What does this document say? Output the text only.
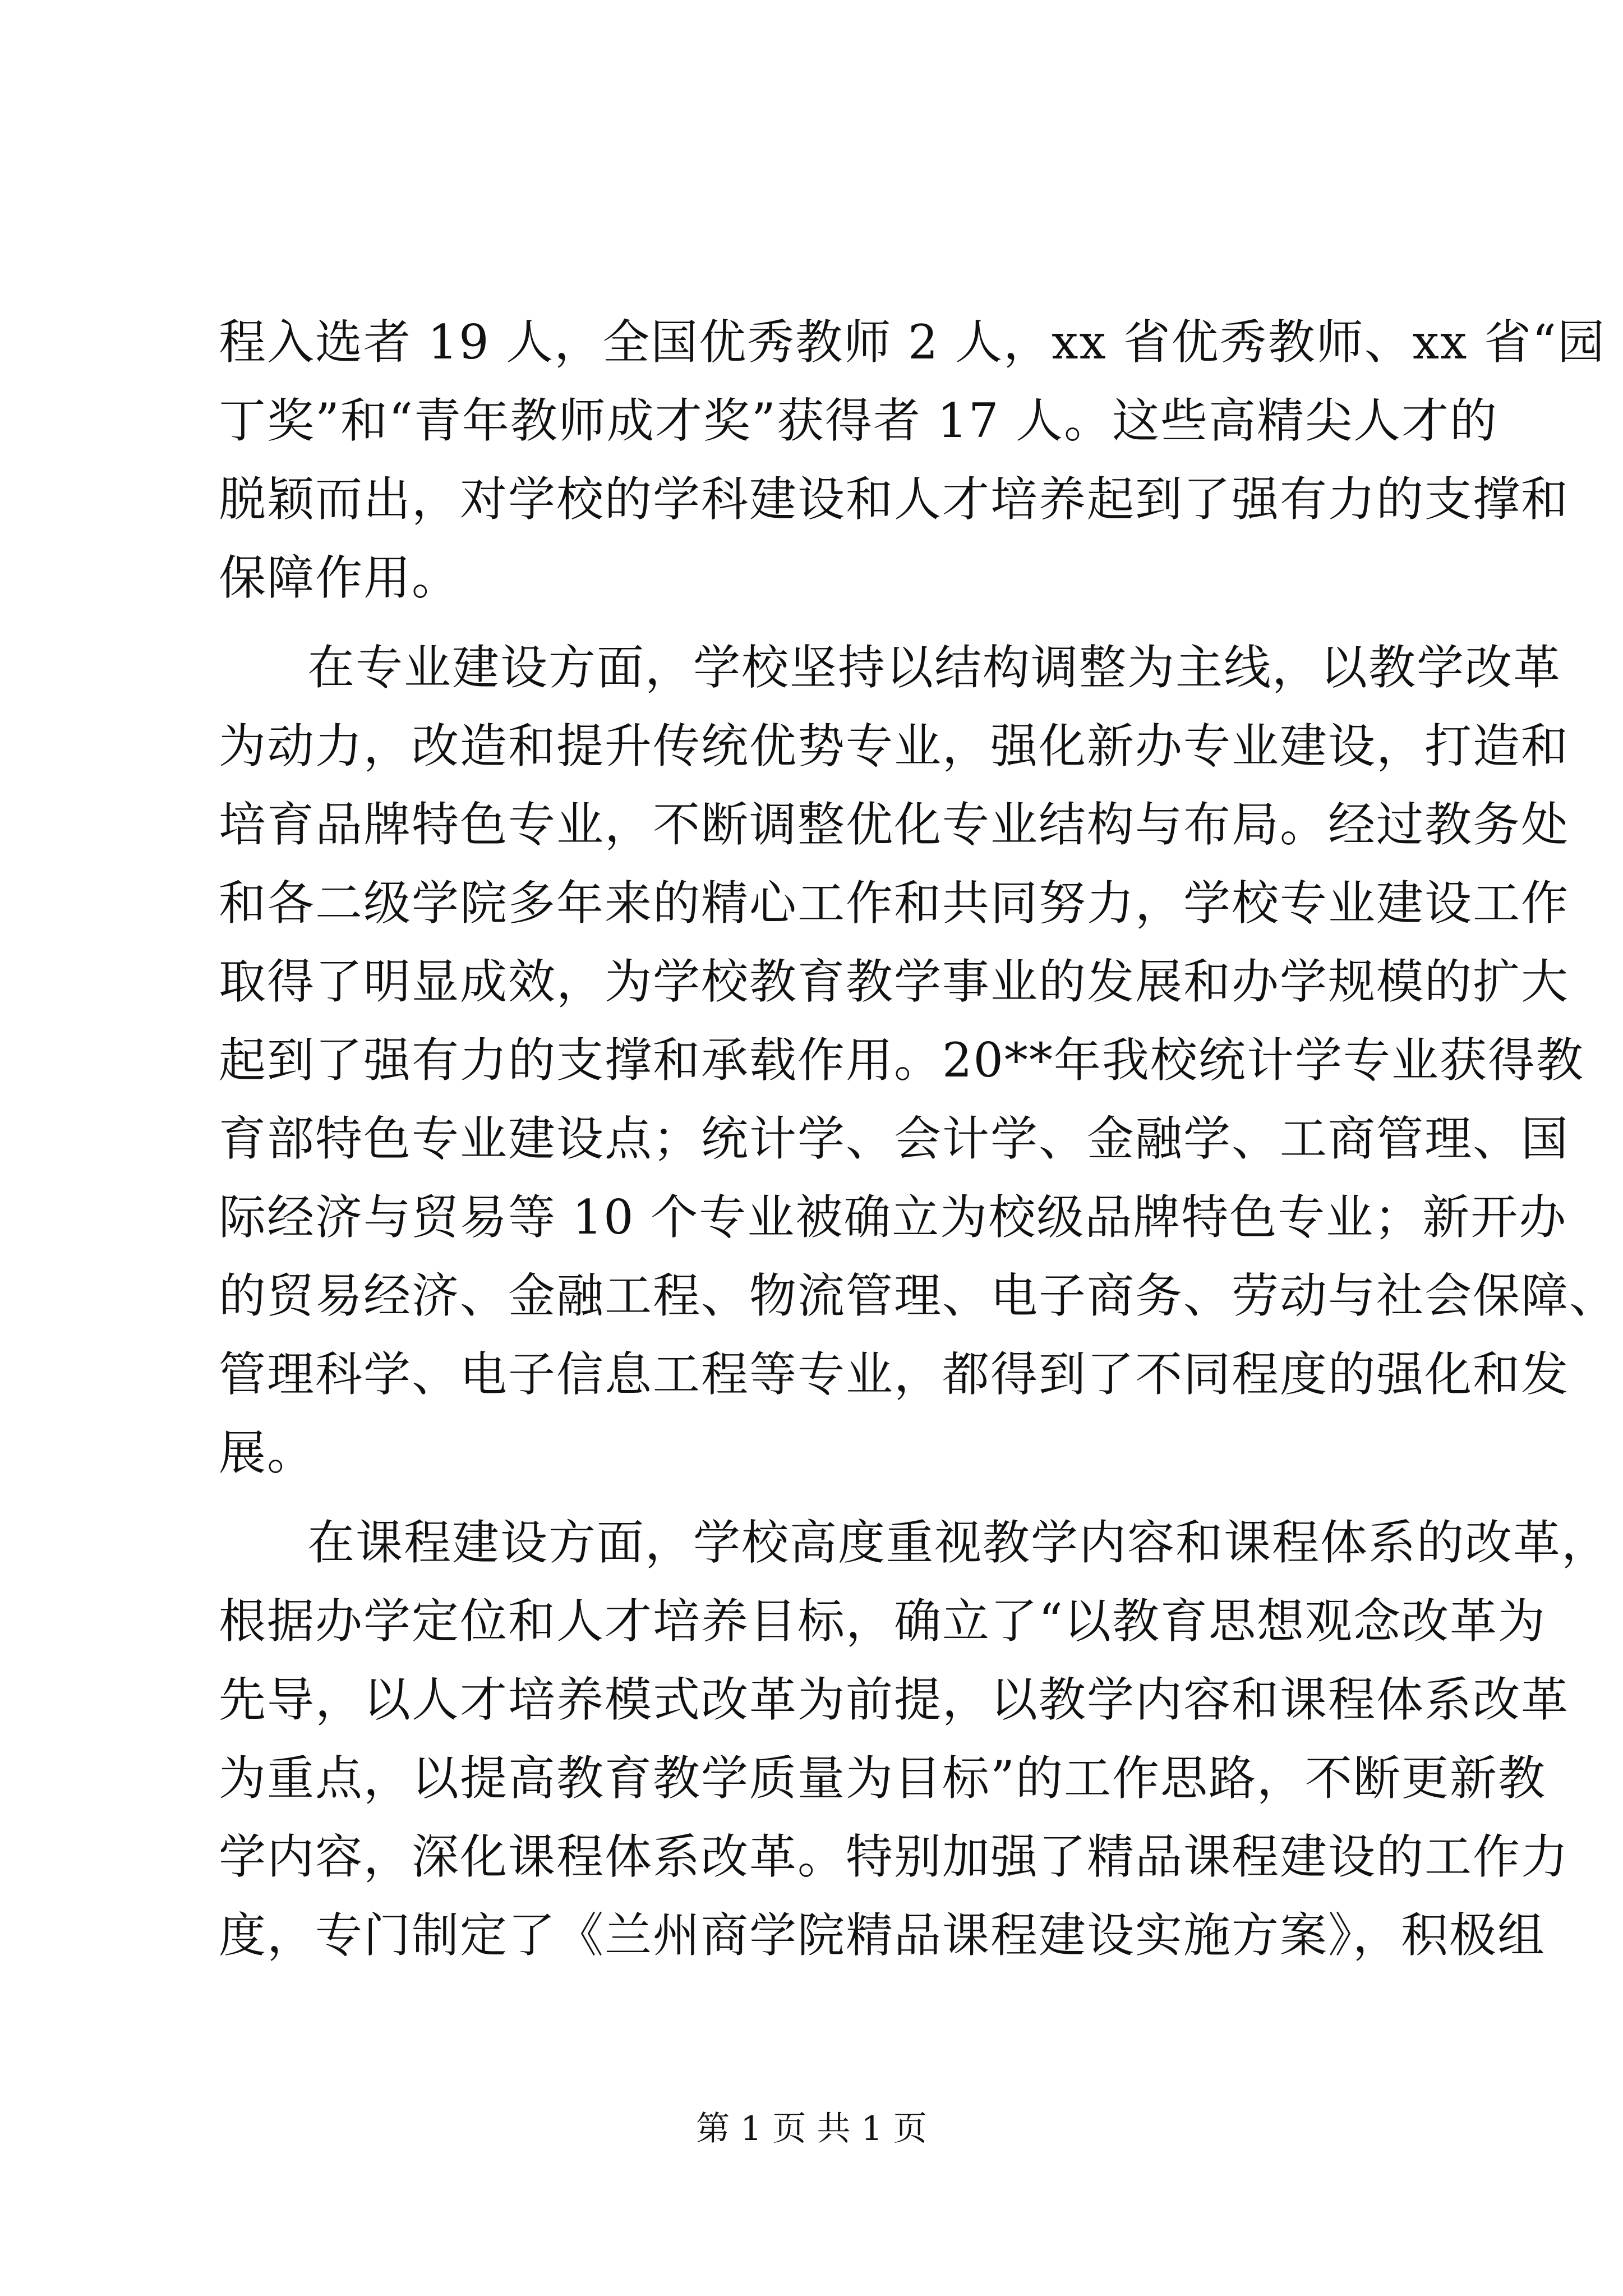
程入选者 19 人，全国优秀教师 2 人，xx 省优秀教师、xx 省“园
丁奖”和“青年教师成才奖”获得者 17 人。这些高精尖人才的
脱颖而出，对学校的学科建设和人才培养起到了强有力的支撑和
保障作用。
在专业建设方面，学校坚持以结构调整为主线，以教学改革
为动力，改造和提升传统优势专业，强化新办专业建设，打造和
培育品牌特色专业，不断调整优化专业结构与布局。经过教务处
和各二级学院多年来的精心工作和共同努力，学校专业建设工作
取得了明显成效，为学校教育教学事业的发展和办学规模的扩大
起到了强有力的支撑和承载作用。20**年我校统计学专业获得教
育部特色专业建设点；统计学、会计学、金融学、工商管理、国
际经济与贸易等 10 个专业被确立为校级品牌特色专业；新开办
的贸易经济、金融工程、物流管理、电子商务、劳动与社会保障、
管理科学、电子信息工程等专业，都得到了不同程度的强化和发
展。
在课程建设方面，学校高度重视教学内容和课程体系的改革，
根据办学定位和人才培养目标，确立了“以教育思想观念改革为
先导，以人才培养模式改革为前提，以教学内容和课程体系改革
为重点，以提高教育教学质量为目标”的工作思路，不断更新教
学内容，深化课程体系改革。特别加强了精品课程建设的工作力
度，专门制定了《兰州商学院精品课程建设实施方案》，积极组
第 1 页 共 1 页
